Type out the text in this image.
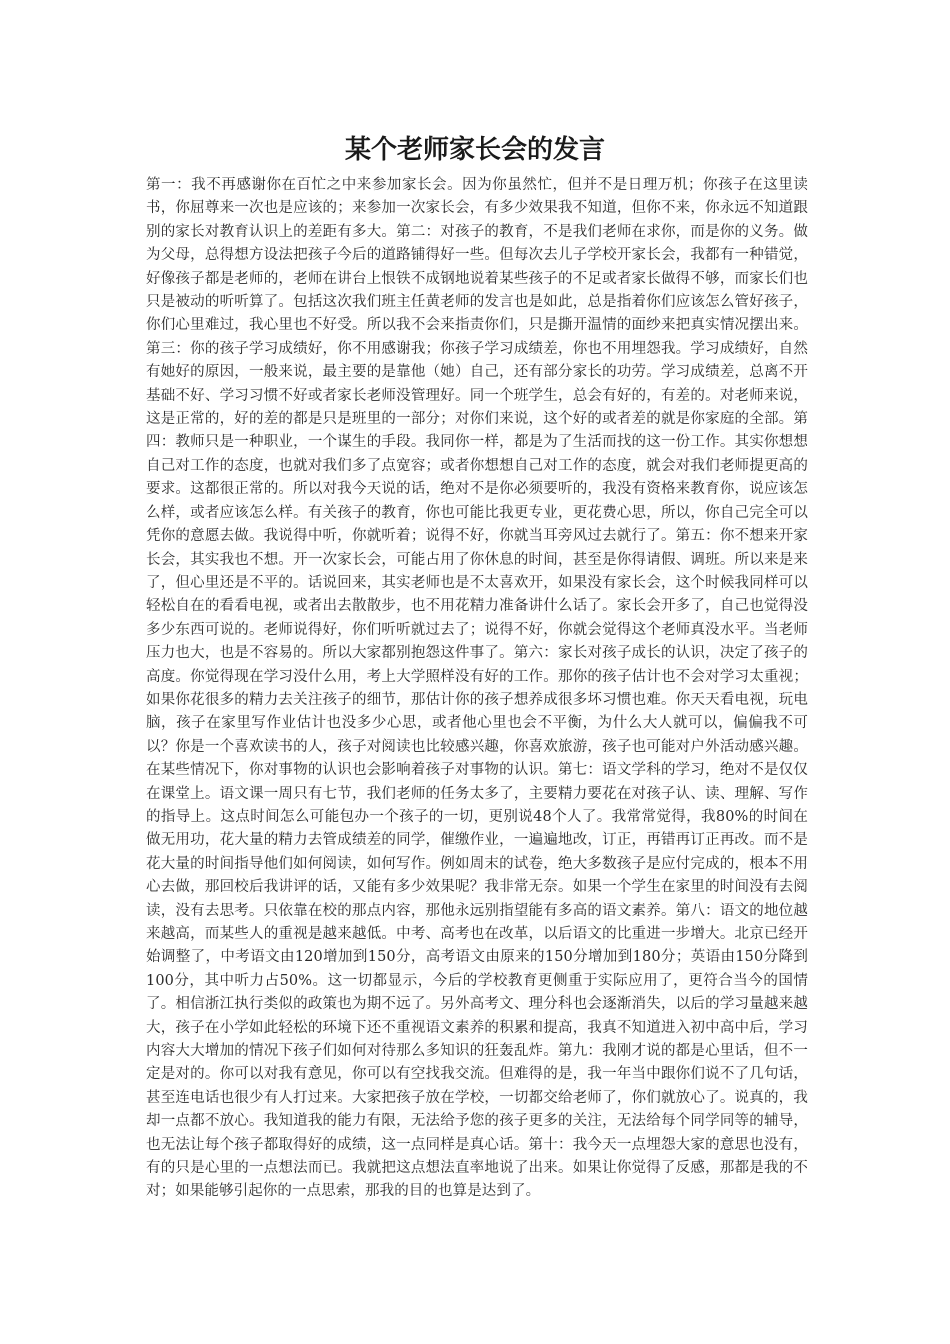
某个老师家长会的发言

第一：我不再感谢你在百忙之中来参加家长会。因为你虽然忙，但并不是日理万机；你孩子在这里读书，你屈尊来一次也是应该的；来参加一次家长会，有多少效果我不知道，但你不来，你永远不知道跟别的家长对教育认识上的差距有多大。第二：对孩子的教育，不是我们老师在求你，而是你的义务。做为父母，总得想方设法把孩子今后的道路铺得好一些。但每次去儿子学校开家长会，我都有一种错觉，好像孩子都是老师的，老师在讲台上恨铁不成钢地说着某些孩子的不足或者家长做得不够，而家长们也只是被动的听听算了。包括这次我们班主任黄老师的发言也是如此，总是指着你们应该怎么管好孩子，你们心里难过，我心里也不好受。所以我不会来指责你们，只是撕开温情的面纱来把真实情况摆出来。第三：你的孩子学习成绩好，你不用感谢我；你孩子学习成绩差，你也不用埋怨我。学习成绩好，自然有她好的原因，一般来说，最主要的是靠他（她）自己，还有部分家长的功劳。学习成绩差，总离不开基础不好、学习习惯不好或者家长老师没管理好。同一个班学生，总会有好的，有差的。对老师来说，这是正常的，好的差的都是只是班里的一部分；对你们来说，这个好的或者差的就是你家庭的全部。第四：教师只是一种职业，一个谋生的手段。我同你一样，都是为了生活而找的这一份工作。其实你想想自己对工作的态度，也就对我们多了点宽容；或者你想想自己对工作的态度，就会对我们老师提更高的要求。这都很正常的。所以对我今天说的话，绝对不是你必须要听的，我没有资格来教育你，说应该怎么样，或者应该怎么样。有关孩子的教育，你也可能比我更专业，更花费心思，所以，你自己完全可以凭你的意愿去做。我说得中听，你就听着；说得不好，你就当耳旁风过去就行了。第五：你不想来开家长会，其实我也不想。开一次家长会，可能占用了你休息的时间，甚至是你得请假、调班。所以来是来了，但心里还是不平的。话说回来，其实老师也是不太喜欢开，如果没有家长会，这个时候我同样可以轻松自在的看看电视，或者出去散散步，也不用花精力准备讲什么话了。家长会开多了，自己也觉得没多少东西可说的。老师说得好，你们听听就过去了；说得不好，你就会觉得这个老师真没水平。当老师压力也大，也是不容易的。所以大家都别抱怨这件事了。第六：家长对孩子成长的认识，决定了孩子的高度。你觉得现在学习没什么用，考上大学照样没有好的工作。那你的孩子估计也不会对学习太重视；如果你花很多的精力去关注孩子的细节，那估计你的孩子想养成很多坏习惯也难。你天天看电视，玩电脑，孩子在家里写作业估计也没多少心思，或者他心里也会不平衡，为什么大人就可以，偏偏我不可以？你是一个喜欢读书的人，孩子对阅读也比较感兴趣，你喜欢旅游，孩子也可能对户外活动感兴趣。在某些情况下，你对事物的认识也会影响着孩子对事物的认识。第七：语文学科的学习，绝对不是仅仅在课堂上。语文课一周只有七节，我们老师的任务太多了，主要精力要花在对孩子认、读、理解、写作的指导上。这点时间怎么可能包办一个孩子的一切，更别说48个人了。我常常觉得，我80%的时间在做无用功，花大量的精力去管成绩差的同学，催缴作业，一遍遍地改，订正，再错再订正再改。而不是花大量的时间指导他们如何阅读，如何写作。例如周末的试卷，绝大多数孩子是应付完成的，根本不用心去做，那回校后我讲评的话，又能有多少效果呢？我非常无奈。如果一个学生在家里的时间没有去阅读，没有去思考。只依靠在校的那点内容，那他永远别指望能有多高的语文素养。第八：语文的地位越来越高，而某些人的重视是越来越低。中考、高考也在改革，以后语文的比重进一步增大。北京已经开始调整了，中考语文由120增加到150分，高考语文由原来的150分增加到180分；英语由150分降到100分，其中听力占50%。这一切都显示，今后的学校教育更侧重于实际应用了，更符合当今的国情了。相信浙江执行类似的政策也为期不远了。另外高考文、理分科也会逐渐消失，以后的学习量越来越大，孩子在小学如此轻松的环境下还不重视语文素养的积累和提高，我真不知道进入初中高中后，学习内容大大增加的情况下孩子们如何对待那么多知识的狂轰乱炸。第九：我刚才说的都是心里话，但不一定是对的。你可以对我有意见，你可以有空找我交流。但难得的是，我一年当中跟你们说不了几句话，甚至连电话也很少有人打过来。大家把孩子放在学校，一切都交给老师了，你们就放心了。说真的，我却一点都不放心。我知道我的能力有限，无法给予您的孩子更多的关注，无法给每个同学同等的辅导，也无法让每个孩子都取得好的成绩，这一点同样是真心话。第十：我今天一点埋怨大家的意思也没有，有的只是心里的一点想法而已。我就把这点想法直率地说了出来。如果让你觉得了反感，那都是我的不对；如果能够引起你的一点思索，那我的目的也算是达到了。
